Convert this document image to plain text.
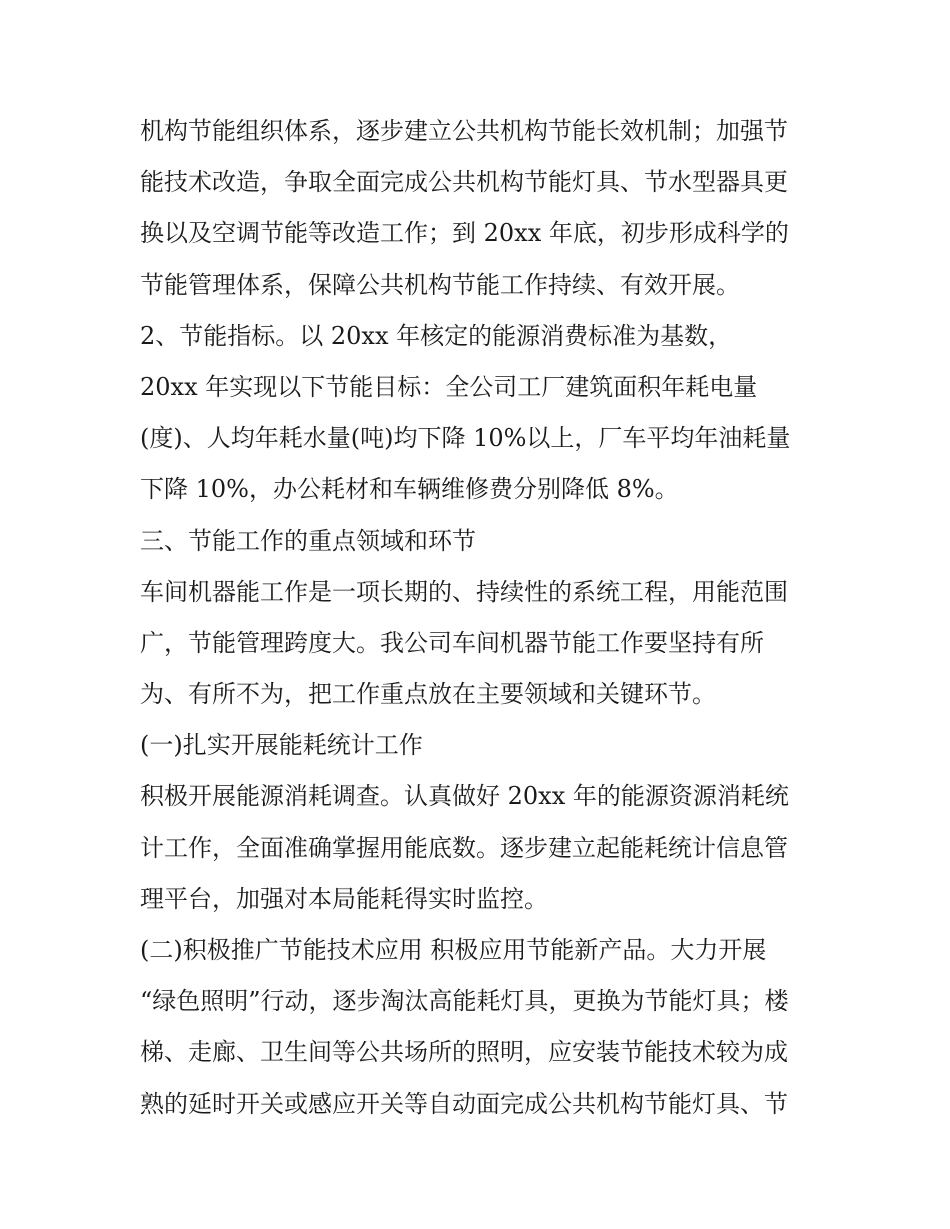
机构节能组织体系，逐步建立公共机构节能长效机制；加强节
能技术改造，争取全面完成公共机构节能灯具、节水型器具更
换以及空调节能等改造工作；到 20xx 年底，初步形成科学的
节能管理体系，保障公共机构节能工作持续、有效开展。
2、节能指标。以 20xx 年核定的能源消费标准为基数，
20xx 年实现以下节能目标：全公司工厂建筑面积年耗电量
(度)、人均年耗水量(吨)均下降 10%以上，厂车平均年油耗量
下降 10%，办公耗材和车辆维修费分别降低 8%。
三、节能工作的重点领域和环节
车间机器能工作是一项长期的、持续性的系统工程，用能范围
广，节能管理跨度大。我公司车间机器节能工作要坚持有所
为、有所不为，把工作重点放在主要领域和关键环节。
(一)扎实开展能耗统计工作
积极开展能源消耗调查。认真做好 20xx 年的能源资源消耗统
计工作，全面准确掌握用能底数。逐步建立起能耗统计信息管
理平台，加强对本局能耗得实时监控。
(二)积极推广节能技术应用 积极应用节能新产品。大力开展
“绿色照明”行动，逐步淘汰高能耗灯具，更换为节能灯具；楼
梯、走廊、卫生间等公共场所的照明，应安装节能技术较为成
熟的延时开关或感应开关等自动面完成公共机构节能灯具、节
